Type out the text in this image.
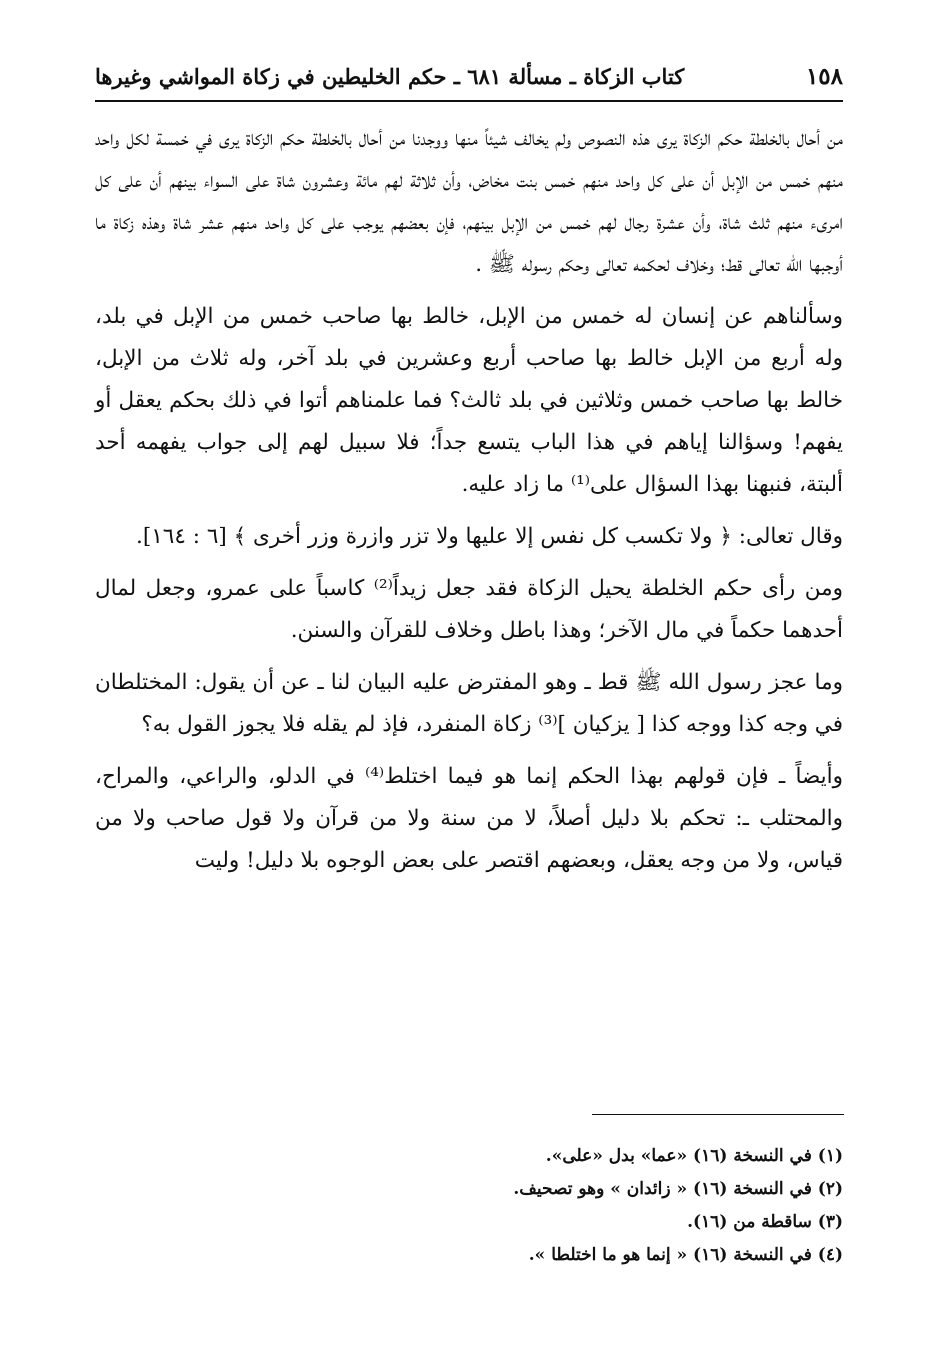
كتاب الزكاة ـ مسألة ٦٨١ ـ حكم الخليطين في زكاة المواشي وغيرها	١٥٨

من أحال بالخلطة حكم الزكاة يرى هذه النصوص ولم يخالف شيئاً منها ووجدنا من أحال بالخلطة حكم الزكاة يرى في خمسة لكل واحد منهم خمس من الإبل أن على كل واحد منهم خمس بنت مخاض، وأن ثلاثة لهم مائة وعشرون شاة على السواء بينهم أن على كل امرىء منهم ثلث شاة، وأن عشرة رجال لهم خمس من الإبل بينهم، فإن بعضهم يوجب على كل واحد منهم عشر شاة وهذه زكاة ما أوجبها الله تعالى قط؛ وخلاف لحكمه تعالى وحكم رسوله ﷺ .

وسألناهم عن إنسان له خمس من الإبل، خالط بها صاحب خمس من الإبل في بلد، وله أربع من الإبل خالط بها صاحب أربع وعشرين في بلد آخر، وله ثلاث من الإبل، خالط بها صاحب خمس وثلاثين في بلد ثالث؟ فما علمناهم أتوا في ذلك بحكم يعقل أو يفهم! وسؤالنا إياهم في هذا الباب يتسع جداً؛ فلا سبيل لهم إلى جواب يفهمه أحد ألبتة، فنبهنا بهذا السؤال على⁽¹⁾ ما زاد عليه.

وقال تعالى: ﴿ ولا تكسب كل نفس إلا عليها ولا تزر وازرة وزر أخرى ﴾ [٦ : ١٦٤].

ومن رأى حكم الخلطة يحيل الزكاة فقد جعل زيداً⁽²⁾ كاسباً على عمرو، وجعل لمال أحدهما حكماً في مال الآخر؛ وهذا باطل وخلاف للقرآن والسنن.

وما عجز رسول الله ﷺ قط ـ وهو المفترض عليه البيان لنا ـ عن أن يقول: المختلطان في وجه كذا ووجه كذا [ يزكيان ]⁽³⁾ زكاة المنفرد، فإذ لم يقله فلا يجوز القول به؟

وأيضاً ـ فإن قولهم بهذا الحكم إنما هو فيما اختلط⁽⁴⁾ في الدلو، والراعي، والمراح، والمحتلب ـ: تحكم بلا دليل أصلاً، لا من سنة ولا من قرآن ولا قول صاحب ولا من قياس، ولا من وجه يعقل، وبعضهم اقتصر على بعض الوجوه بلا دليل! وليت

(١) في النسخة (١٦) «عما» بدل «على».

(٢) في النسخة (١٦) « زائدان » وهو تصحيف.

(٣) ساقطة من (١٦).

(٤) في النسخة (١٦) « إنما هو ما اختلطا ».
